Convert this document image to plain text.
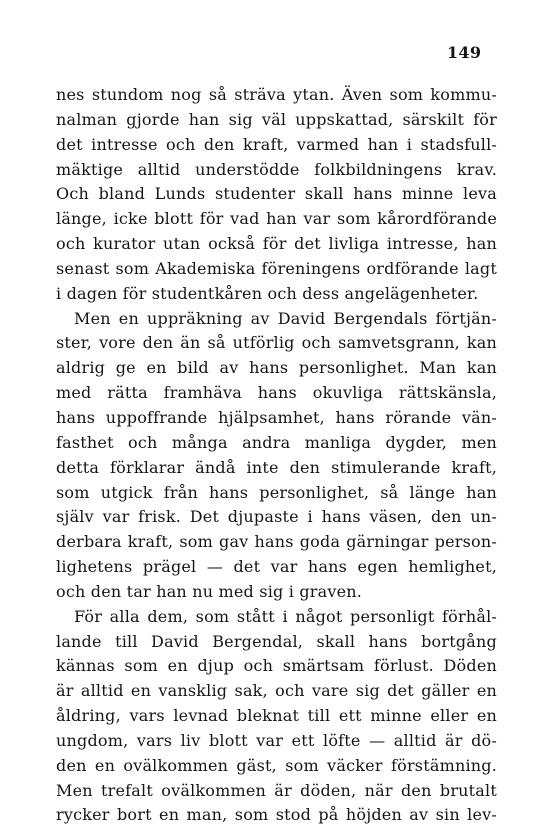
149
nes stundom nog så sträva ytan. Även som kommu-
nalman gjorde han sig väl uppskattad, särskilt för
det intresse och den kraft, varmed han i stadsfull-
mäktige alltid understödde folkbildningens krav.
Och bland Lunds studenter skall hans minne leva
länge, icke blott för vad han var som kårordförande
och kurator utan också för det livliga intresse, han
senast som Akademiska föreningens ordförande lagt
i dagen för studentkåren och dess angelägenheter.
Men en uppräkning av David Bergendals förtjän-
ster, vore den än så utförlig och samvetsgrann, kan
aldrig ge en bild av hans personlighet. Man kan
med rätta framhäva hans okuvliga rättskänsla,
hans uppoffrande hjälpsamhet, hans rörande vän-
fasthet och många andra manliga dygder, men
detta förklarar ändå inte den stimulerande kraft,
som utgick från hans personlighet, så länge han
själv var frisk. Det djupaste i hans väsen, den un-
derbara kraft, som gav hans goda gärningar person-
lighetens prägel — det var hans egen hemlighet,
och den tar han nu med sig i graven.
För alla dem, som stått i något personligt förhål-
lande till David Bergendal, skall hans bortgång
kännas som en djup och smärtsam förlust. Döden
är alltid en vansklig sak, och vare sig det gäller en
åldring, vars levnad bleknat till ett minne eller en
ungdom, vars liv blott var ett löfte — alltid är dö-
den en ovälkommen gäst, som väcker förstämning.
Men trefalt ovälkommen är döden, när den brutalt
rycker bort en man, som stod på höjden av sin lev-
